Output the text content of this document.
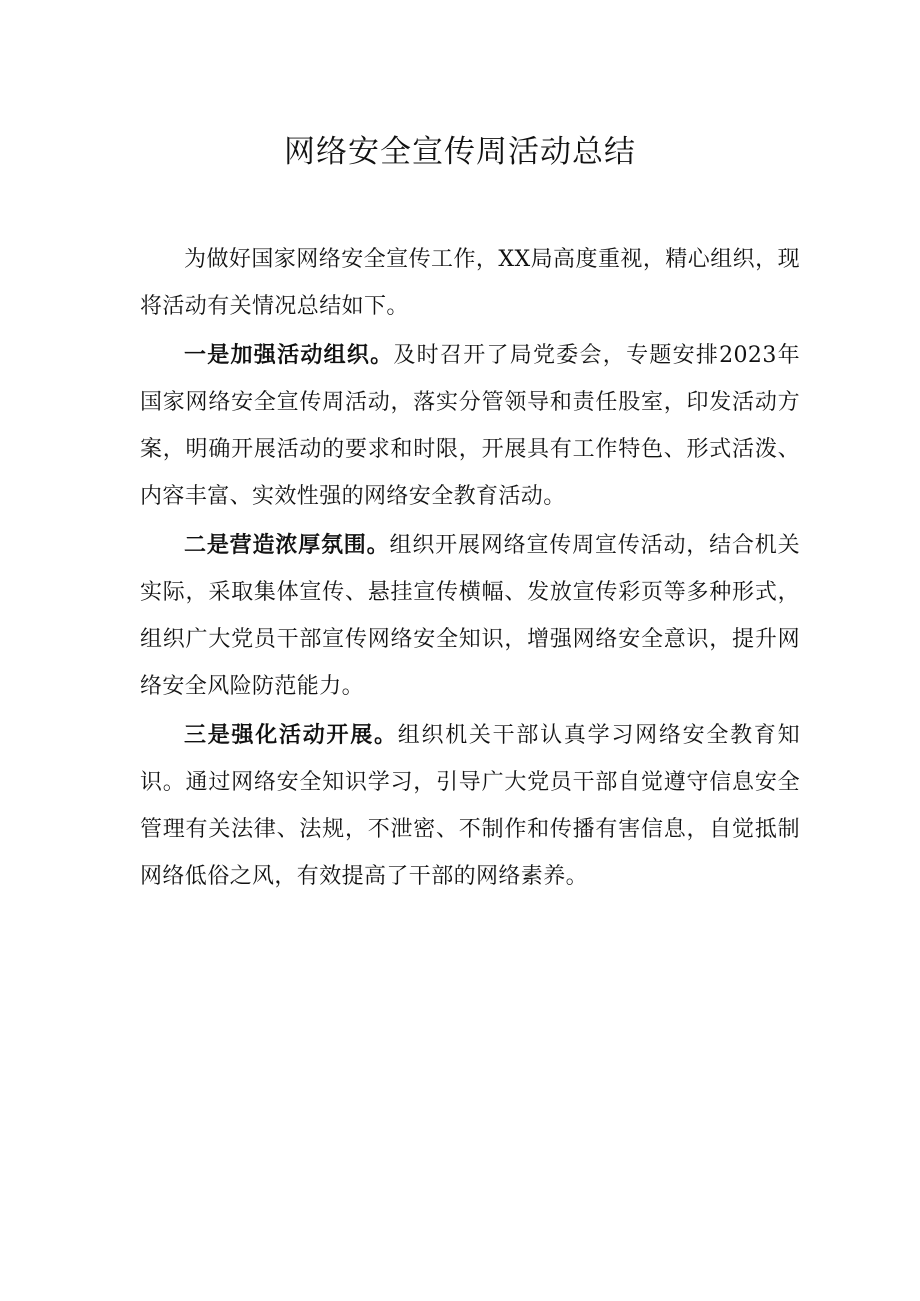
网络安全宣传周活动总结

为做好国家网络安全宣传工作，XX局高度重视，精心组织，现将活动有关情况总结如下。

一是加强活动组织。及时召开了局党委会，专题安排2023年国家网络安全宣传周活动，落实分管领导和责任股室，印发活动方案，明确开展活动的要求和时限，开展具有工作特色、形式活泼、内容丰富、实效性强的网络安全教育活动。

二是营造浓厚氛围。组织开展网络宣传周宣传活动，结合机关实际，采取集体宣传、悬挂宣传横幅、发放宣传彩页等多种形式，组织广大党员干部宣传网络安全知识，增强网络安全意识，提升网络安全风险防范能力。

三是强化活动开展。组织机关干部认真学习网络安全教育知识。通过网络安全知识学习，引导广大党员干部自觉遵守信息安全管理有关法律、法规，不泄密、不制作和传播有害信息，自觉抵制网络低俗之风，有效提高了干部的网络素养。
